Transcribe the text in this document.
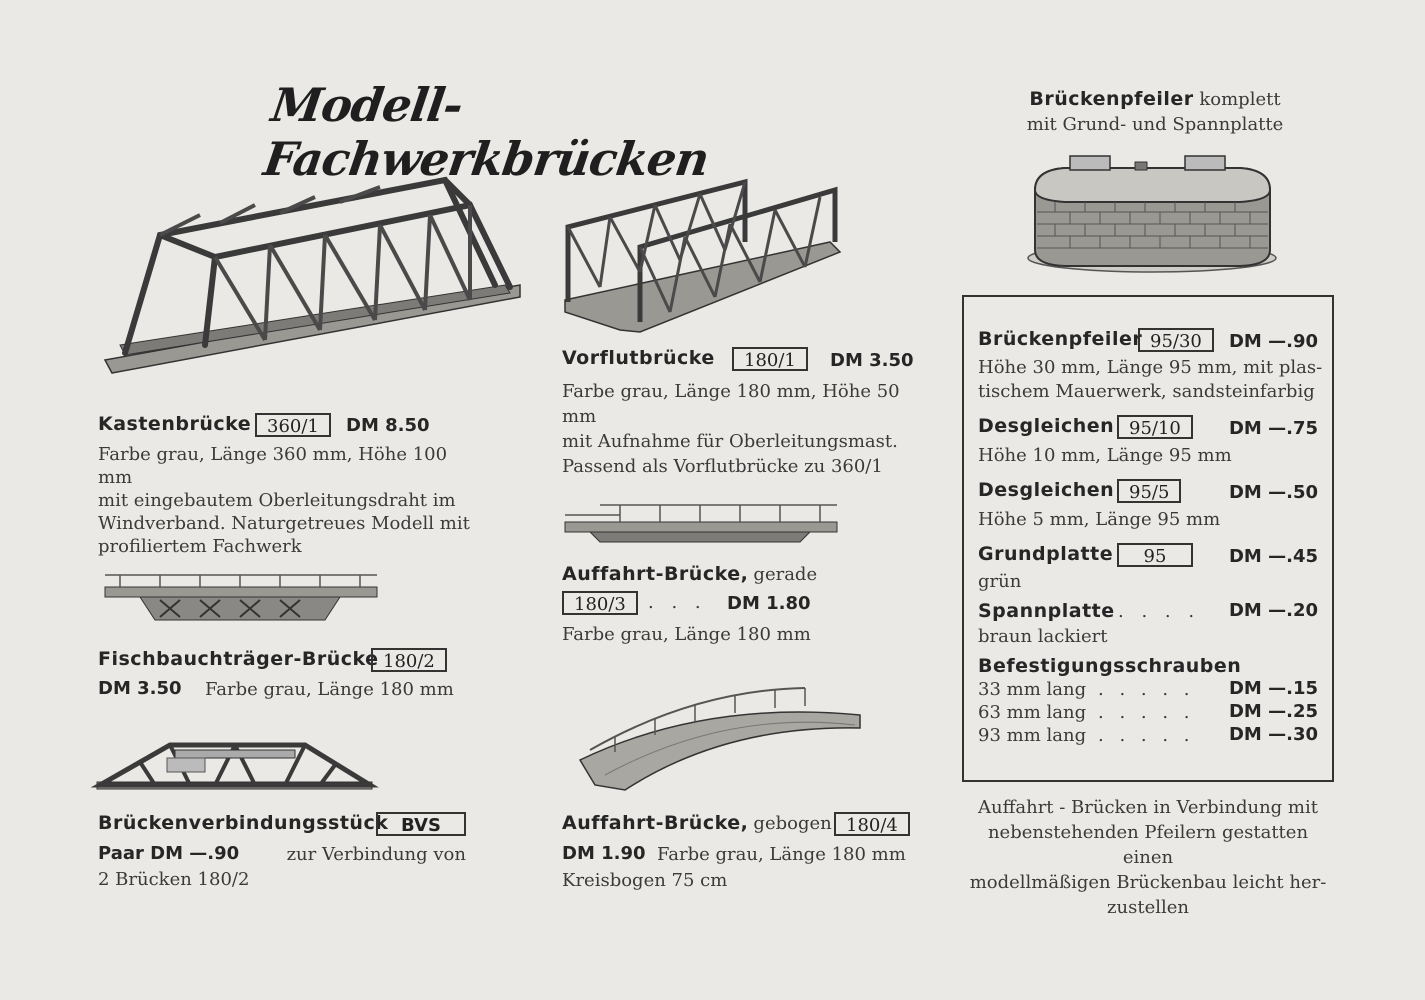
Modell-Fachwerkbrücken
Brückenpfeiler komplett
mit Grund- und Spannplatte
Kastenbrücke 360/1	DM 8.50
Farbe grau, Länge 360 mm, Höhe 100 mm
mit eingebautem Oberleitungsdraht im
Windverband. Naturgetreues Modell mit
profiliertem Fachwerk
Fischbauchträger-Brücke 180/2
DM 3.50 Farbe grau, Länge 180 mm
Brückenverbindungsstück BVS
Paar DM —.90	zur Verbindung von
2 Brücken 180/2
Vorflutbrücke	180/1	DM 3.50
Farbe grau, Länge 180 mm, Höhe 50 mm
mit Aufnahme für Oberleitungsmast.
Passend als Vorflutbrücke zu 360/1
Auffahrt-Brücke, gerade
180/3 . . . DM 1.80
Farbe grau, Länge 180 mm
Auffahrt-Brücke, gebogen 180/4
DM 1.90 Farbe grau, Länge 180 mm
Kreisbogen 75 cm
Brückenpfeiler 95/30	DM —.90
Höhe 30 mm, Länge 95 mm, mit plas-
tischem Mauerwerk, sandsteinfarbig
Desgleichen 95/10	DM —.75
Höhe 10 mm, Länge 95 mm
Desgleichen 95/5	DM —.50
Höhe 5 mm, Länge 95 mm
Grundplatte	95	DM —.45
grün
Spannplatte . . . . DM —.20
braun lackiert
Befestigungsschrauben
33 mm lang . . . . . DM —.15
63 mm lang . . . . . DM —.25
93 mm lang . . . . . DM —.30
Auffahrt - Brücken in Verbindung mit
nebenstehenden Pfeilern gestatten einen
modellmäßigen Brückenbau leicht her-
zustellen
